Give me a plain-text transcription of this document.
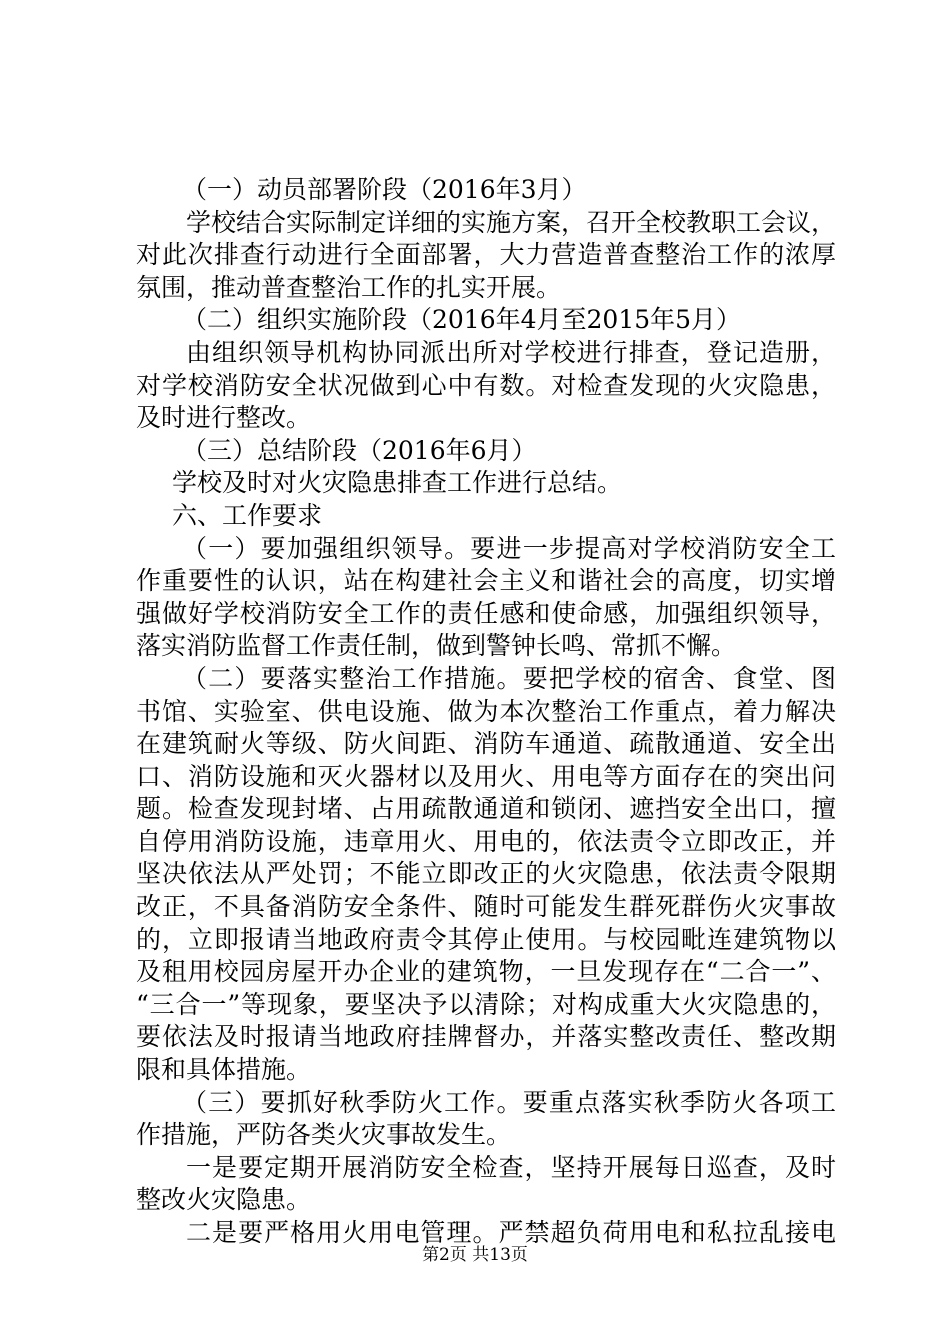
（一）动员部署阶段（2016年3月）
学校结合实际制定详细的实施方案，召开全校教职工会议，
对此次排查行动进行全面部署，大力营造普查整治工作的浓厚
氛围，推动普查整治工作的扎实开展。
（二）组织实施阶段（2016年4月至2015年5月）
由组织领导机构协同派出所对学校进行排查，登记造册，
对学校消防安全状况做到心中有数。对检查发现的火灾隐患，
及时进行整改。
（三）总结阶段（2016年6月）
学校及时对火灾隐患排查工作进行总结。
六、工作要求
（一）要加强组织领导。要进一步提高对学校消防安全工
作重要性的认识，站在构建社会主义和谐社会的高度，切实增
强做好学校消防安全工作的责任感和使命感，加强组织领导，
落实消防监督工作责任制，做到警钟长鸣、常抓不懈。
（二）要落实整治工作措施。要把学校的宿舍、食堂、图
书馆、实验室、供电设施、做为本次整治工作重点，着力解决
在建筑耐火等级、防火间距、消防车通道、疏散通道、安全出
口、消防设施和灭火器材以及用火、用电等方面存在的突出问
题。检查发现封堵、占用疏散通道和锁闭、遮挡安全出口，擅
自停用消防设施，违章用火、用电的，依法责令立即改正，并
坚决依法从严处罚；不能立即改正的火灾隐患，依法责令限期
改正，不具备消防安全条件、随时可能发生群死群伤火灾事故
的，立即报请当地政府责令其停止使用。与校园毗连建筑物以
及租用校园房屋开办企业的建筑物，一旦发现存在“二合一”、
“三合一”等现象，要坚决予以清除；对构成重大火灾隐患的，
要依法及时报请当地政府挂牌督办，并落实整改责任、整改期
限和具体措施。
（三）要抓好秋季防火工作。要重点落实秋季防火各项工
作措施，严防各类火灾事故发生。
一是要定期开展消防安全检查，坚持开展每日巡查，及时
整改火灾隐患。
二是要严格用火用电管理。严禁超负荷用电和私拉乱接电
第2页 共13页
